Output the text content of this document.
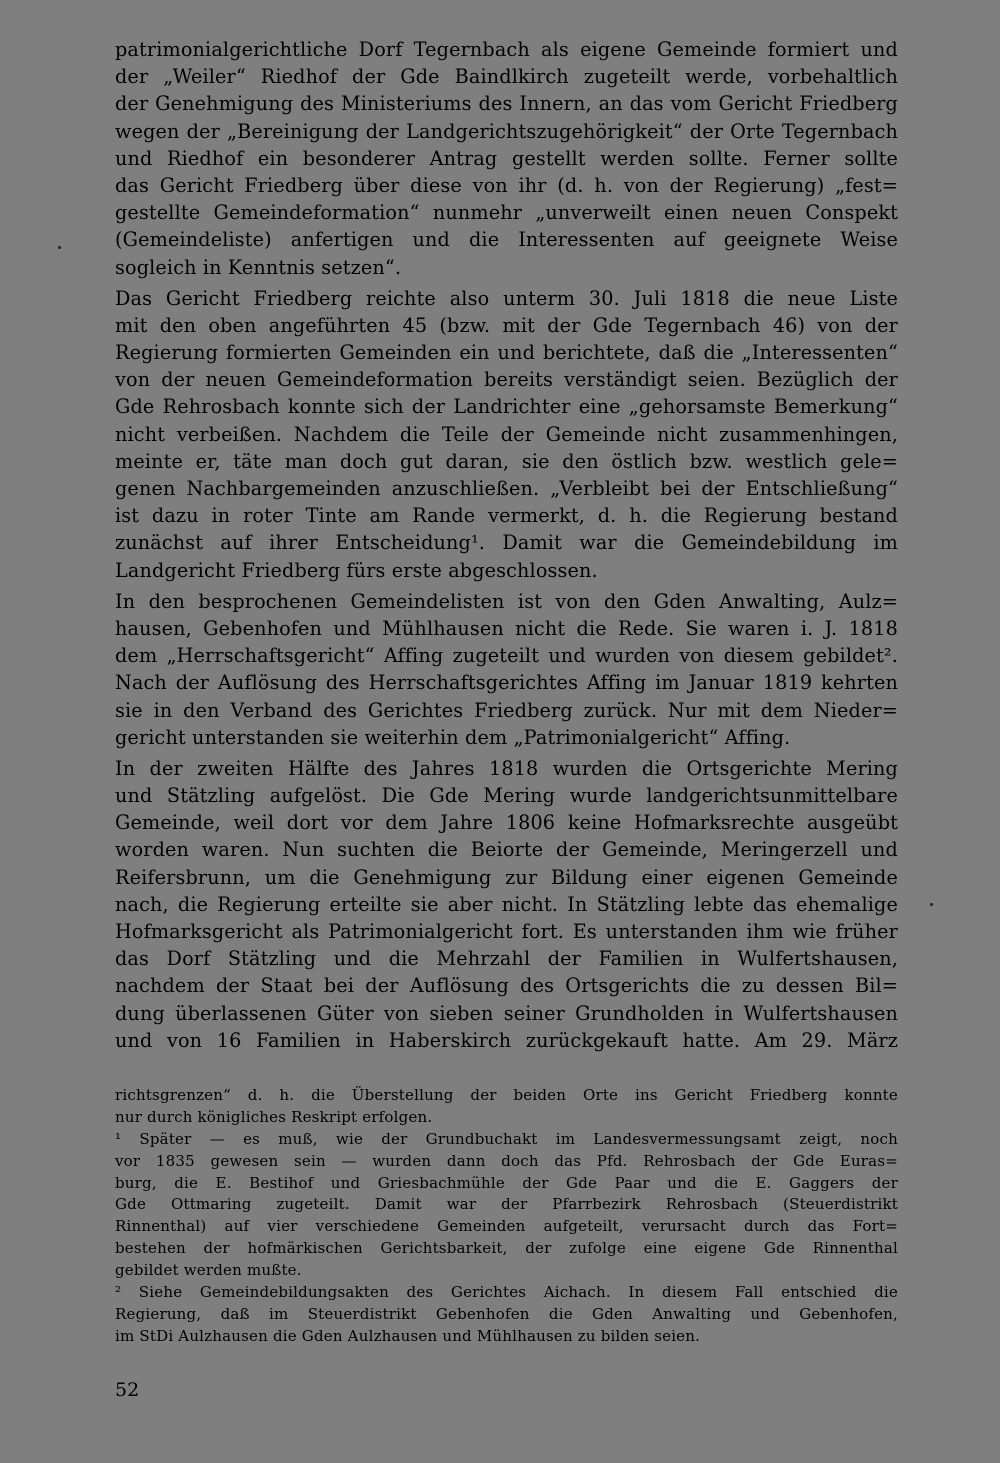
patrimonialgerichtliche Dorf Tegernbach als eigene Gemeinde formiert und
der „Weiler“ Riedhof der Gde Baindlkirch zugeteilt werde, vorbehaltlich
der Genehmigung des Ministeriums des Innern, an das vom Gericht Friedberg
wegen der „Bereinigung der Landgerichtszugehörigkeit“ der Orte Tegernbach
und Riedhof ein besonderer Antrag gestellt werden sollte. Ferner sollte
das Gericht Friedberg über diese von ihr (d. h. von der Regierung) „fest=
gestellte Gemeindeformation“ nunmehr „unverweilt einen neuen Conspekt
(Gemeindeliste) anfertigen und die Interessenten auf geeignete Weise
sogleich in Kenntnis setzen“.
Das Gericht Friedberg reichte also unterm 30. Juli 1818 die neue Liste
mit den oben angeführten 45 (bzw. mit der Gde Tegernbach 46) von der
Regierung formierten Gemeinden ein und berichtete, daß die „Interessenten“
von der neuen Gemeindeformation bereits verständigt seien. Bezüglich der
Gde Rehrosbach konnte sich der Landrichter eine „gehorsamste Bemerkung“
nicht verbeißen. Nachdem die Teile der Gemeinde nicht zusammenhingen,
meinte er, täte man doch gut daran, sie den östlich bzw. westlich gele=
genen Nachbargemeinden anzuschließen. „Verbleibt bei der Entschließung“
ist dazu in roter Tinte am Rande vermerkt, d. h. die Regierung bestand
zunächst auf ihrer Entscheidung¹. Damit war die Gemeindebildung im
Landgericht Friedberg fürs erste abgeschlossen.
In den besprochenen Gemeindelisten ist von den Gden Anwalting, Aulz=
hausen, Gebenhofen und Mühlhausen nicht die Rede. Sie waren i. J. 1818
dem „Herrschaftsgericht“ Affing zugeteilt und wurden von diesem gebildet².
Nach der Auflösung des Herrschaftsgerichtes Affing im Januar 1819 kehrten
sie in den Verband des Gerichtes Friedberg zurück. Nur mit dem Nieder=
gericht unterstanden sie weiterhin dem „Patrimonialgericht“ Affing.
In der zweiten Hälfte des Jahres 1818 wurden die Ortsgerichte Mering
und Stätzling aufgelöst. Die Gde Mering wurde landgerichtsunmittelbare
Gemeinde, weil dort vor dem Jahre 1806 keine Hofmarksrechte ausgeübt
worden waren. Nun suchten die Beiorte der Gemeinde, Meringerzell und
Reifersbrunn, um die Genehmigung zur Bildung einer eigenen Gemeinde
nach, die Regierung erteilte sie aber nicht. In Stätzling lebte das ehemalige
Hofmarksgericht als Patrimonialgericht fort. Es unterstanden ihm wie früher
das Dorf Stätzling und die Mehrzahl der Familien in Wulfertshausen,
nachdem der Staat bei der Auflösung des Ortsgerichts die zu dessen Bil=
dung überlassenen Güter von sieben seiner Grundholden in Wulfertshausen
und von 16 Familien in Haberskirch zurückgekauft hatte. Am 29. März
richtsgrenzen“ d. h. die Überstellung der beiden Orte ins Gericht Friedberg konnte
nur durch königliches Reskript erfolgen.
¹ Später — es muß, wie der Grundbuchakt im Landesvermessungsamt zeigt, noch
vor 1835 gewesen sein — wurden dann doch das Pfd. Rehrosbach der Gde Euras=
burg, die E. Bestihof und Griesbachmühle der Gde Paar und die E. Gaggers der
Gde Ottmaring zugeteilt. Damit war der Pfarrbezirk Rehrosbach (Steuerdistrikt
Rinnenthal) auf vier verschiedene Gemeinden aufgeteilt, verursacht durch das Fort=
bestehen der hofmärkischen Gerichtsbarkeit, der zufolge eine eigene Gde Rinnenthal
gebildet werden mußte.
² Siehe Gemeindebildungsakten des Gerichtes Aichach. In diesem Fall entschied die
Regierung, daß im Steuerdistrikt Gebenhofen die Gden Anwalting und Gebenhofen,
im StDi Aulzhausen die Gden Aulzhausen und Mühlhausen zu bilden seien.
52
